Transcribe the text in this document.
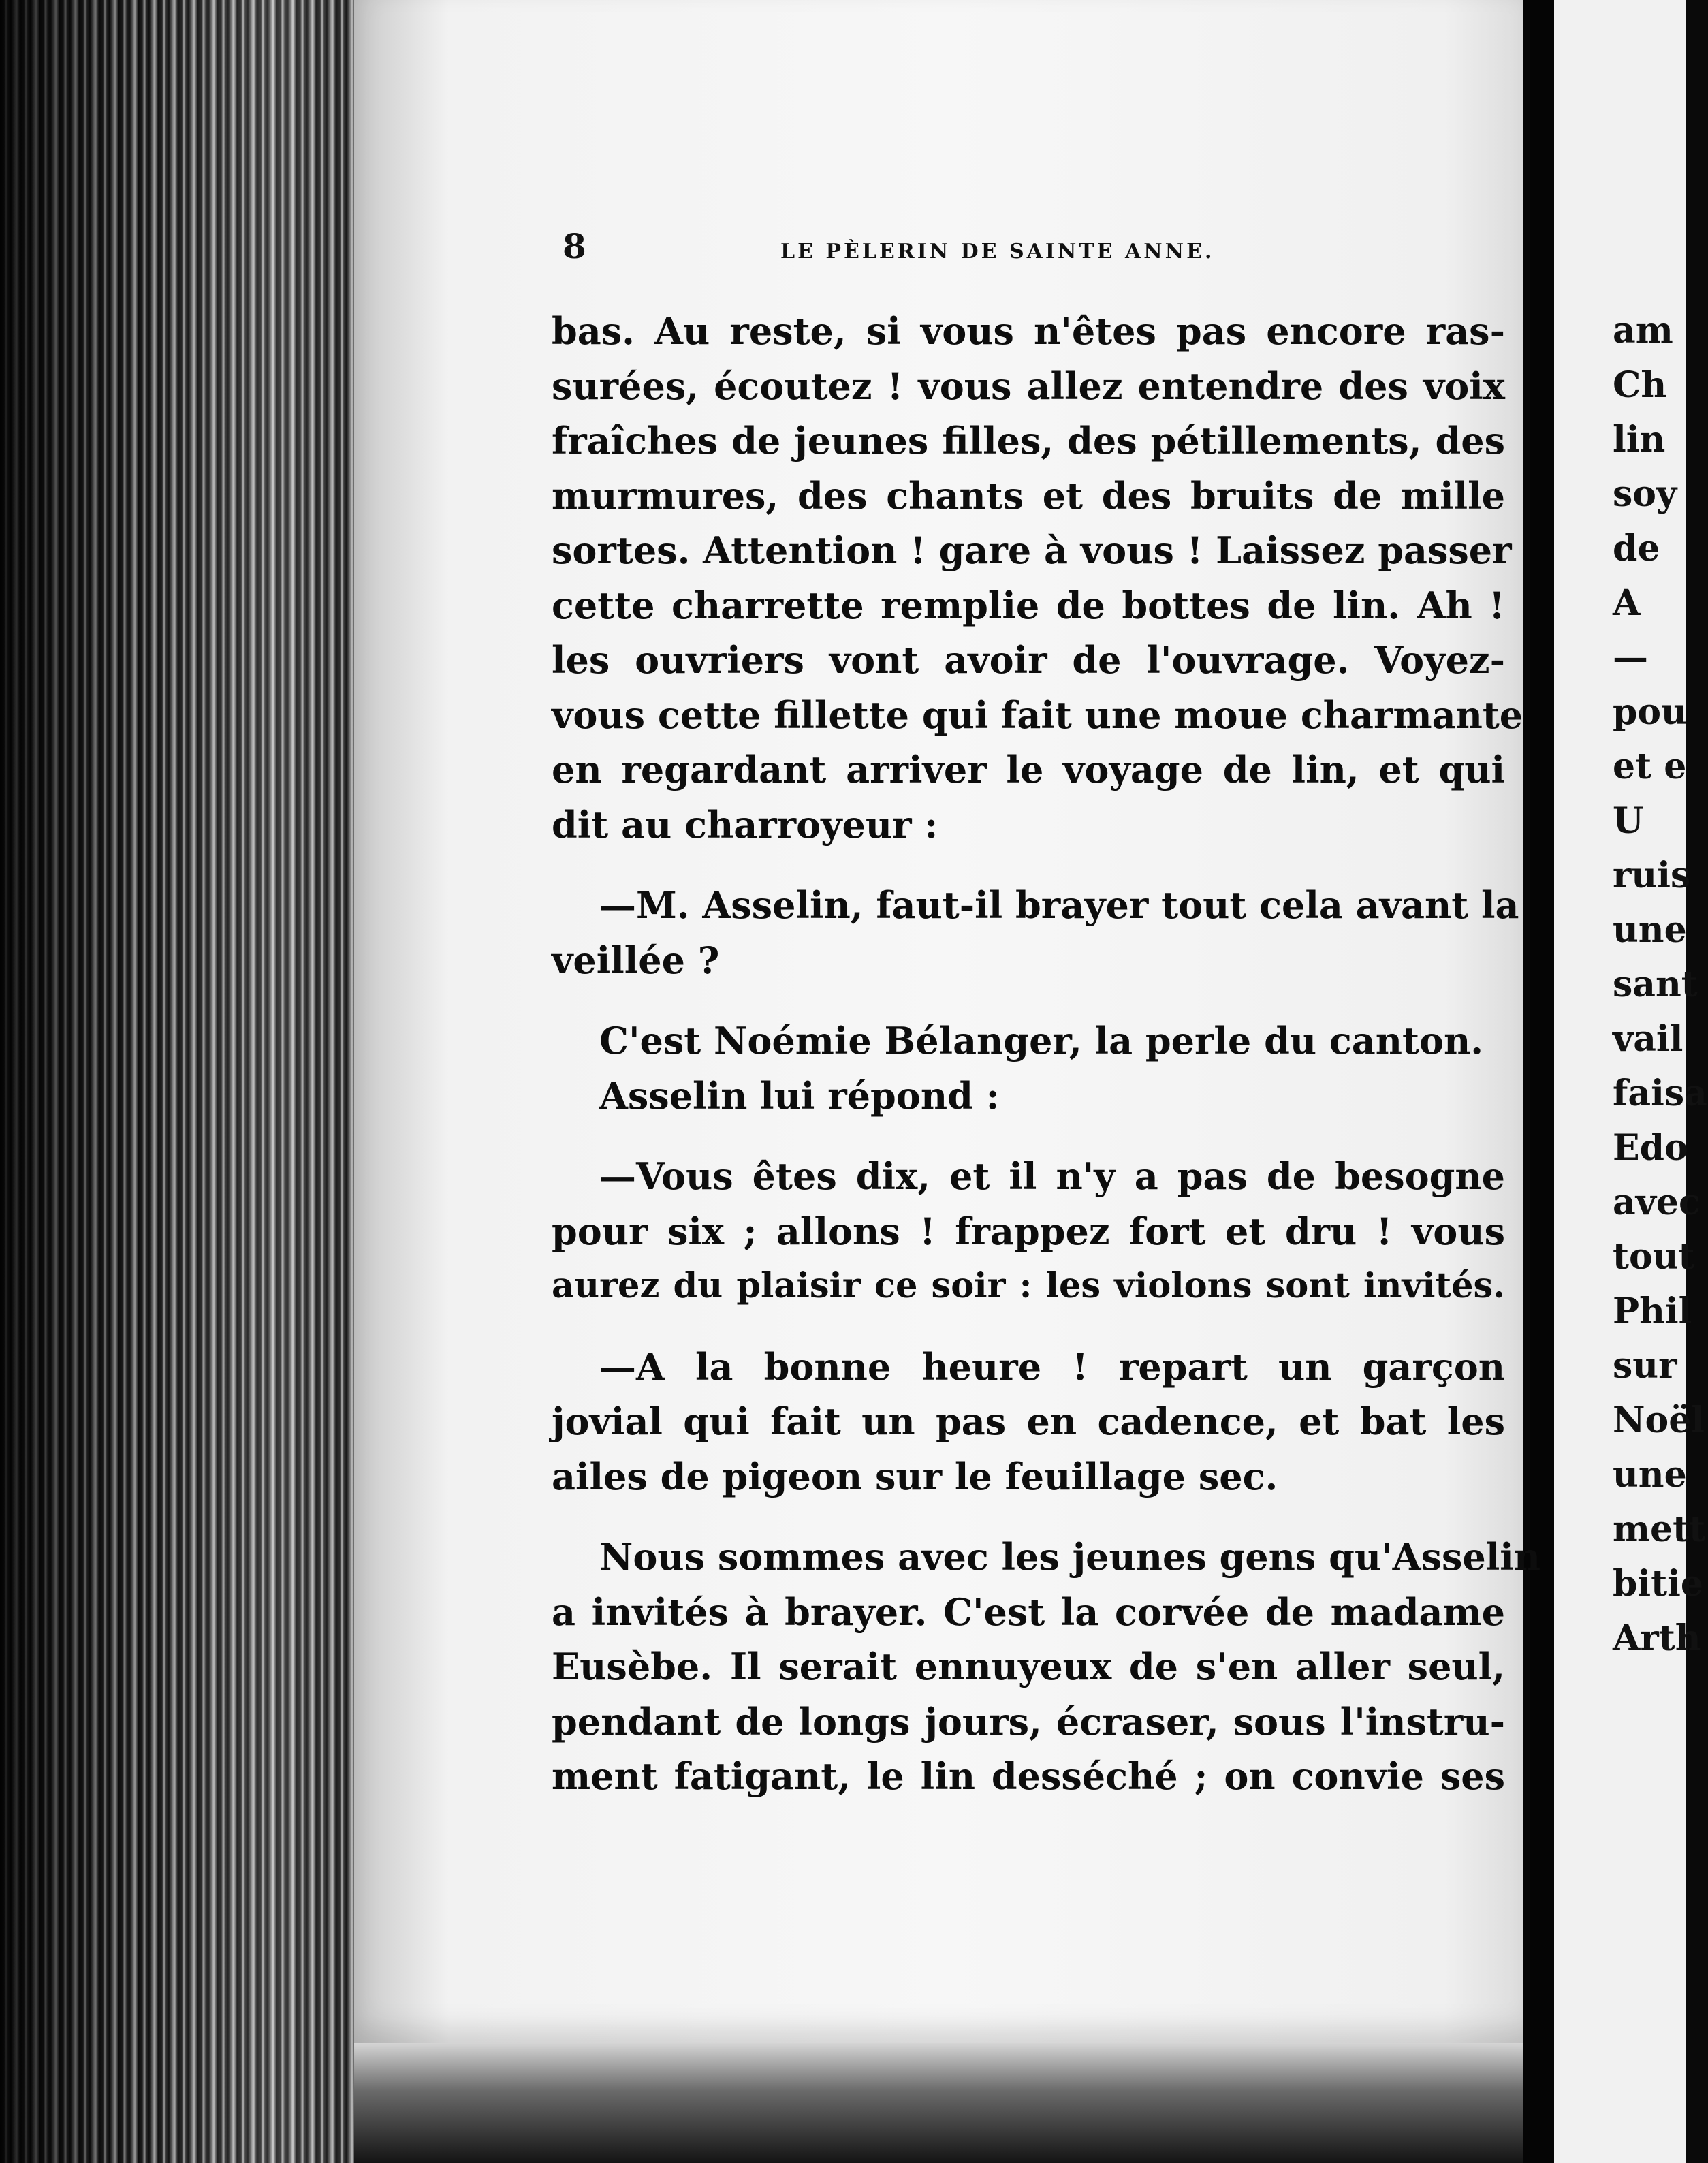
8	LE PÈLERIN DE SAINTE ANNE.
bas. Au reste, si vous n'êtes pas encore ras-
surées, écoutez ! vous allez entendre des voix
fraîches de jeunes filles, des pétillements, des
murmures, des chants et des bruits de mille
sortes. Attention ! gare à vous ! Laissez passer
cette charrette remplie de bottes de lin. Ah !
les ouvriers vont avoir de l'ouvrage. Voyez-
vous cette fillette qui fait une moue charmante
en regardant arriver le voyage de lin, et qui
dit au charroyeur :
—M. Asselin, faut-il brayer tout cela avant la
veillée ?
C'est Noémie Bélanger, la perle du canton.
Asselin lui répond :
—Vous êtes dix, et il n'y a pas de besogne
pour six ; allons ! frappez fort et dru ! vous
aurez du plaisir ce soir : les violons sont invités.
—A la bonne heure ! repart un garçon
jovial qui fait un pas en cadence, et bat les
ailes de pigeon sur le feuillage sec.
Nous sommes avec les jeunes gens qu'Asselin
a invités à brayer. C'est la corvée de madame
Eusèbe. Il serait ennuyeux de s'en aller seul,
pendant de longs jours, écraser, sous l'instru-
ment fatigant, le lin desséché ; on convie ses
am
Ch
lin
soy
de
A
—
pou
et e
U
ruis
une
sant
vail
faisa
Edo
avec
tout
Phil
sur
Noël
une
mett
bitie
Arth
